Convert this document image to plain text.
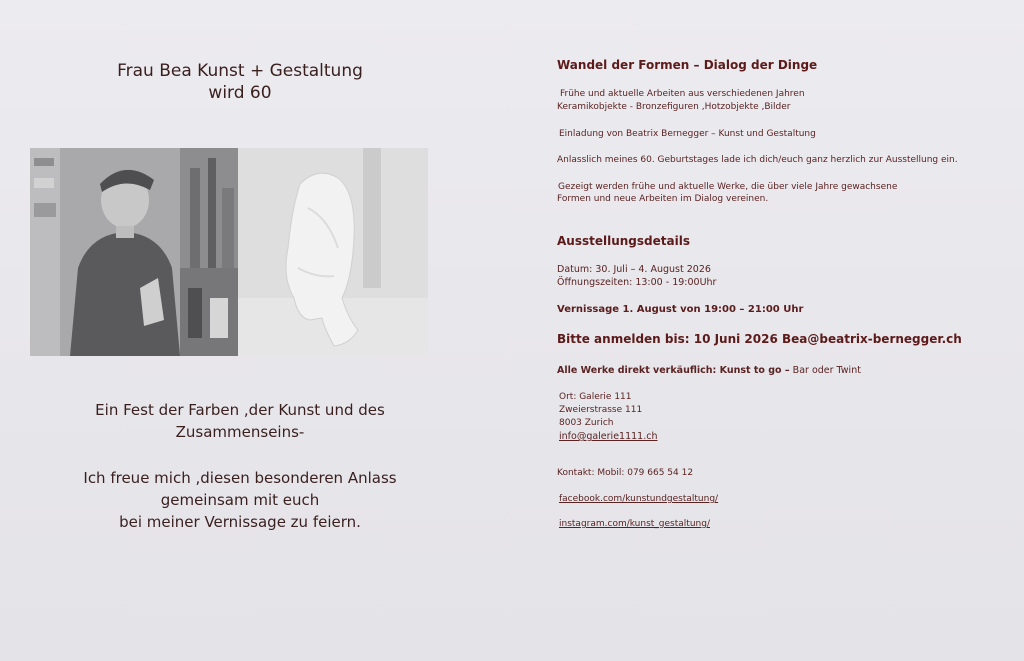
Frau Bea Kunst + Gestaltung
wird 60
Ein Fest der Farben ,der Kunst und des
Zusammenseins-
Ich freue mich ,diesen besonderen Anlass
gemeinsam mit euch
bei meiner Vernissage zu feiern.
Wandel der Formen – Dialog der Dinge
Frühe und aktuelle Arbeiten aus verschiedenen Jahren
Keramikobjekte - Bronzefiguren ,Hotzobjekte ,Bilder
Einladung von Beatrix Bernegger – Kunst und Gestaltung
Anlasslich meines 60. Geburtstages lade ich dich/euch ganz herzlich zur Ausstellung ein.
Gezeigt werden frühe und aktuelle Werke, die über viele Jahre gewachsene
Formen und neue Arbeiten im Dialog vereinen.
Ausstellungsdetails
Datum: 30. Juli – 4. August 2026
Öffnungszeiten: 13:00 - 19:00Uhr
Vernissage 1. August von 19:00 – 21:00 Uhr
Bitte anmelden bis: 10 Juni 2026 Bea@beatrix-bernegger.ch
Alle Werke direkt verkäuflich: Kunst to go – Bar oder Twint
Ort: Galerie 111
Zweierstrasse 111
8003 Zurich
info@galerie1111.ch
Kontakt: Mobil: 079 665 54 12
facebook.com/kunstundgestaltung/
instagram.com/kunst_gestaltung/
